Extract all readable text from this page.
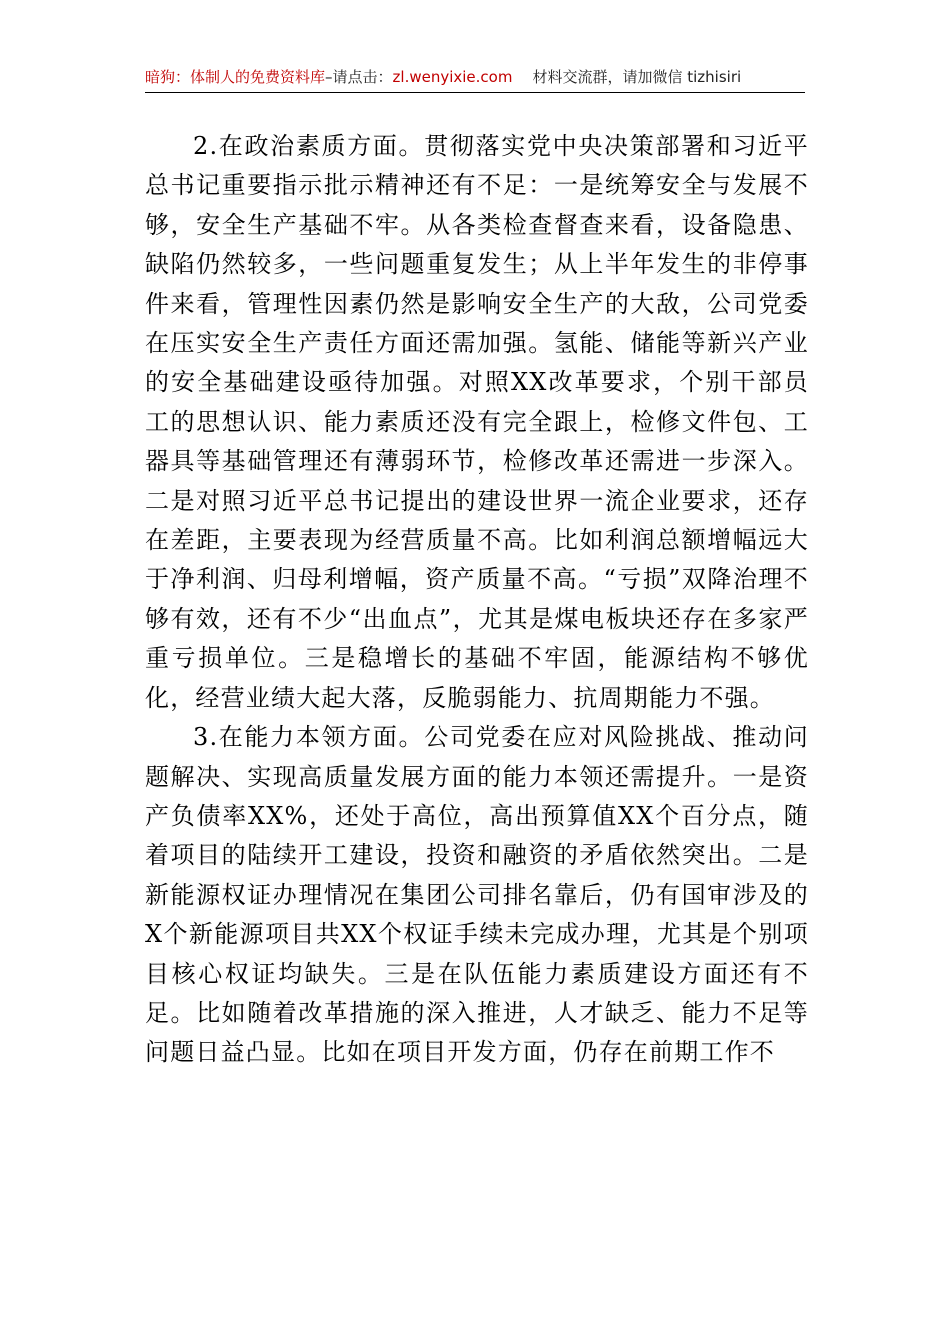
暗狗：体制人的免费资料库–请点击：zl.wenyixie.com 材料交流群，请加微信 tizhisiri

2.在政治素质方面。贯彻落实党中央决策部署和习近平总书记重要指示批示精神还有不足：一是统筹安全与发展不够，安全生产基础不牢。从各类检查督查来看，设备隐患、缺陷仍然较多，一些问题重复发生；从上半年发生的非停事件来看，管理性因素仍然是影响安全生产的大敌，公司党委在压实安全生产责任方面还需加强。氢能、储能等新兴产业的安全基础建设亟待加强。对照XX改革要求，个别干部员工的思想认识、能力素质还没有完全跟上，检修文件包、工器具等基础管理还有薄弱环节，检修改革还需进一步深入。二是对照习近平总书记提出的建设世界一流企业要求，还存在差距，主要表现为经营质量不高。比如利润总额增幅远大于净利润、归母利增幅，资产质量不高。“亏损”双降治理不够有效，还有不少“出血点”，尤其是煤电板块还存在多家严重亏损单位。三是稳增长的基础不牢固，能源结构不够优化，经营业绩大起大落，反脆弱能力、抗周期能力不强。

3.在能力本领方面。公司党委在应对风险挑战、推动问题解决、实现高质量发展方面的能力本领还需提升。一是资产负债率XX%，还处于高位，高出预算值XX个百分点，随着项目的陆续开工建设，投资和融资的矛盾依然突出。二是新能源权证办理情况在集团公司排名靠后，仍有国审涉及的X个新能源项目共XX个权证手续未完成办理，尤其是个别项目核心权证均缺失。三是在队伍能力素质建设方面还有不足。比如随着改革措施的深入推进，人才缺乏、能力不足等问题日益凸显。比如在项目开发方面，仍存在前期工作不
